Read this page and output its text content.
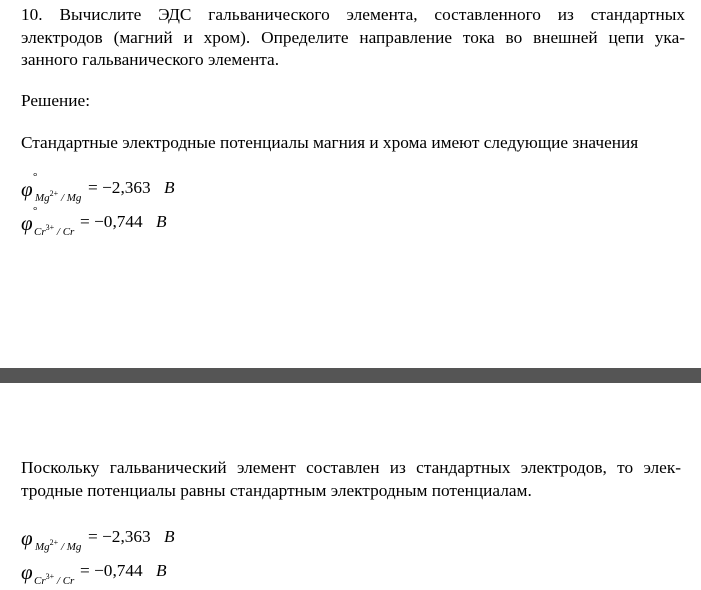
10. Вычислите ЭДС гальванического элемента, составленного из стандартных
электродов (магний и хром). Определите направление тока во внешней цепи ука-
занного гальванического элемента.

Решение:

Стандартные электродные потенциалы магния и хрома имеют следующие значения

φ °
$Mg^{2+}$ / Mg
= −2,363 В
φ °
$Cr^{3+}$ / Cr
= −0,744 В
Поскольку гальванический элемент составлен из стандартных электродов, то элек-
тродные потенциалы равны стандартным электродным потенциалам.
φ $Mg^{2+}$ / Mg
= −2,363 В
φ $Cr^{3+}$ / Cr
= −0,744 В
